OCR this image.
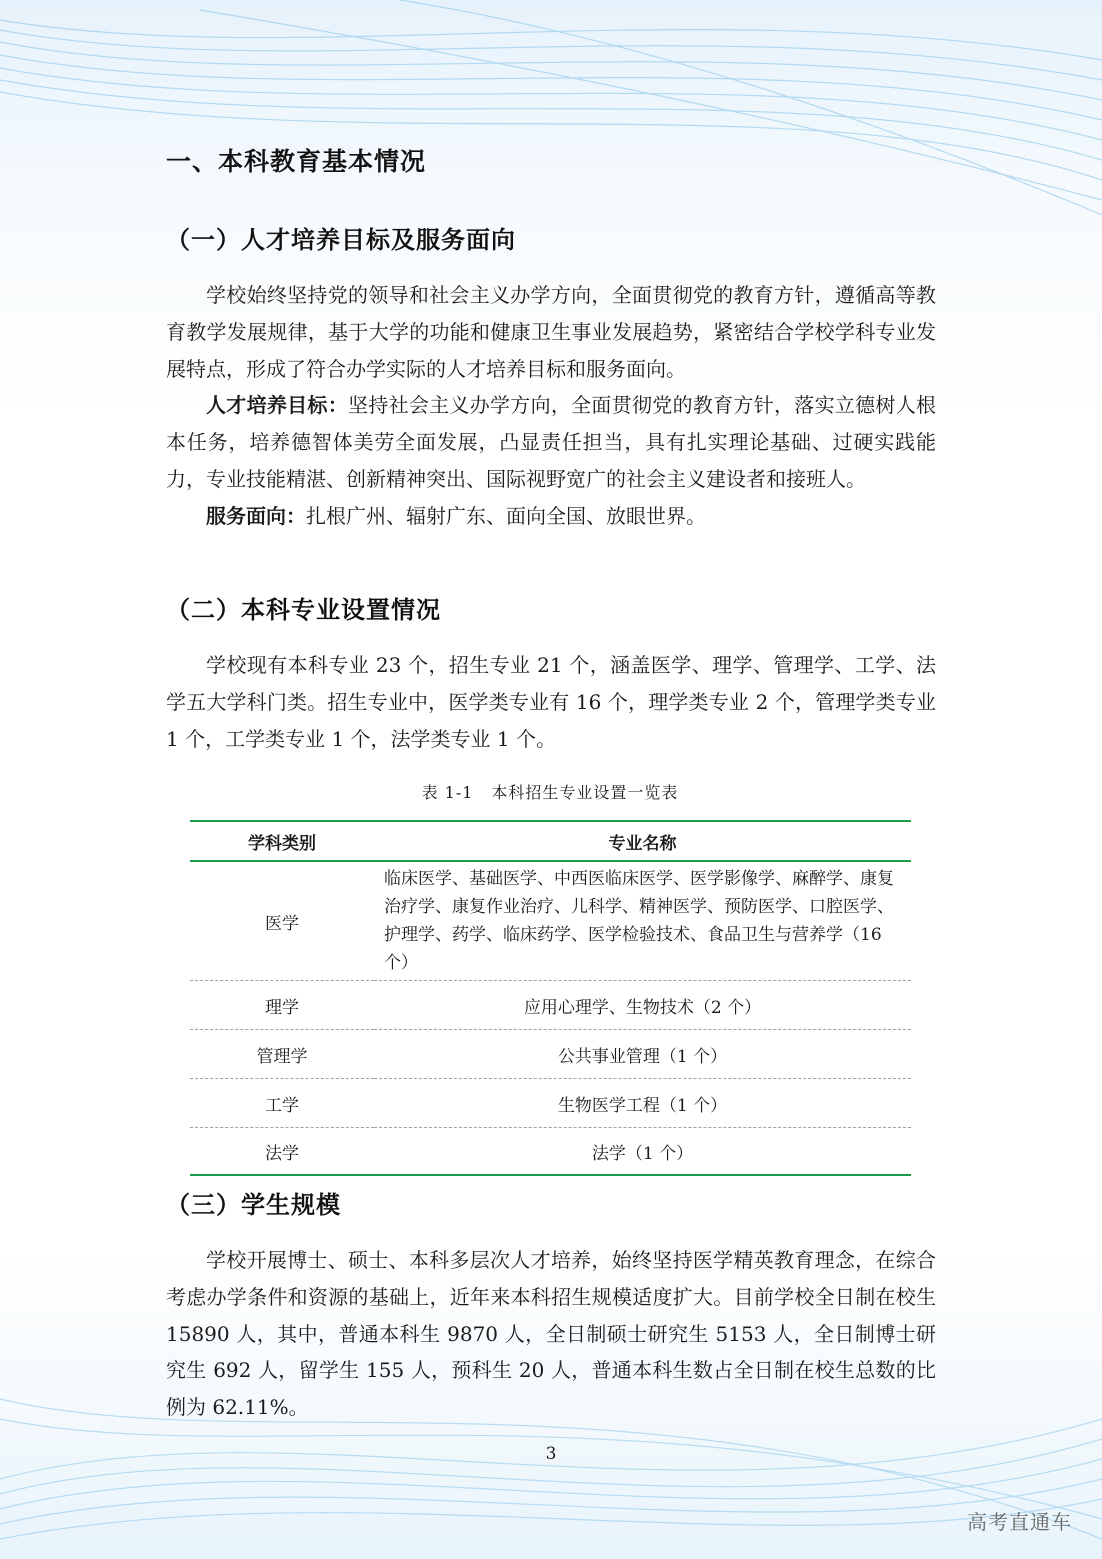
一、本科教育基本情况
（一）人才培养目标及服务面向

学校始终坚持党的领导和社会主义办学方向，全面贯彻党的教育方针，遵循高等教育教学发展规律，基于大学的功能和健康卫生事业发展趋势，紧密结合学校学科专业发展特点，形成了符合办学实际的人才培养目标和服务面向。

人才培养目标：坚持社会主义办学方向，全面贯彻党的教育方针，落实立德树人根本任务，培养德智体美劳全面发展，凸显责任担当，具有扎实理论基础、过硬实践能力，专业技能精湛、创新精神突出、国际视野宽广的社会主义建设者和接班人。

服务面向：扎根广州、辐射广东、面向全国、放眼世界。

（二）本科专业设置情况

学校现有本科专业 23 个，招生专业 21 个，涵盖医学、理学、管理学、工学、法学五大学科门类。招生专业中，医学类专业有 16 个，理学类专业 2 个，管理学类专业 1 个，工学类专业 1 个，法学类专业 1 个。

表 1-1 本科招生专业设置一览表
学科类别	专业名称
医学	临床医学、基础医学、中西医临床医学、医学影像学、麻醉学、康复治疗学、康复作业治疗、儿科学、精神医学、预防医学、口腔医学、护理学、药学、临床药学、医学检验技术、食品卫生与营养学（16 个）
理学	应用心理学、生物技术（2 个）
管理学	公共事业管理（1 个）
工学	生物医学工程（1 个）
法学	法学（1 个）
（三）学生规模

学校开展博士、硕士、本科多层次人才培养，始终坚持医学精英教育理念，在综合考虑办学条件和资源的基础上，近年来本科招生规模适度扩大。目前学校全日制在校生 15890 人，其中，普通本科生 9870 人，全日制硕士研究生 5153 人，全日制博士研究生 692 人，留学生 155 人，预科生 20 人，普通本科生数占全日制在校生总数的比例为 62.11%。

3
高考直通车
